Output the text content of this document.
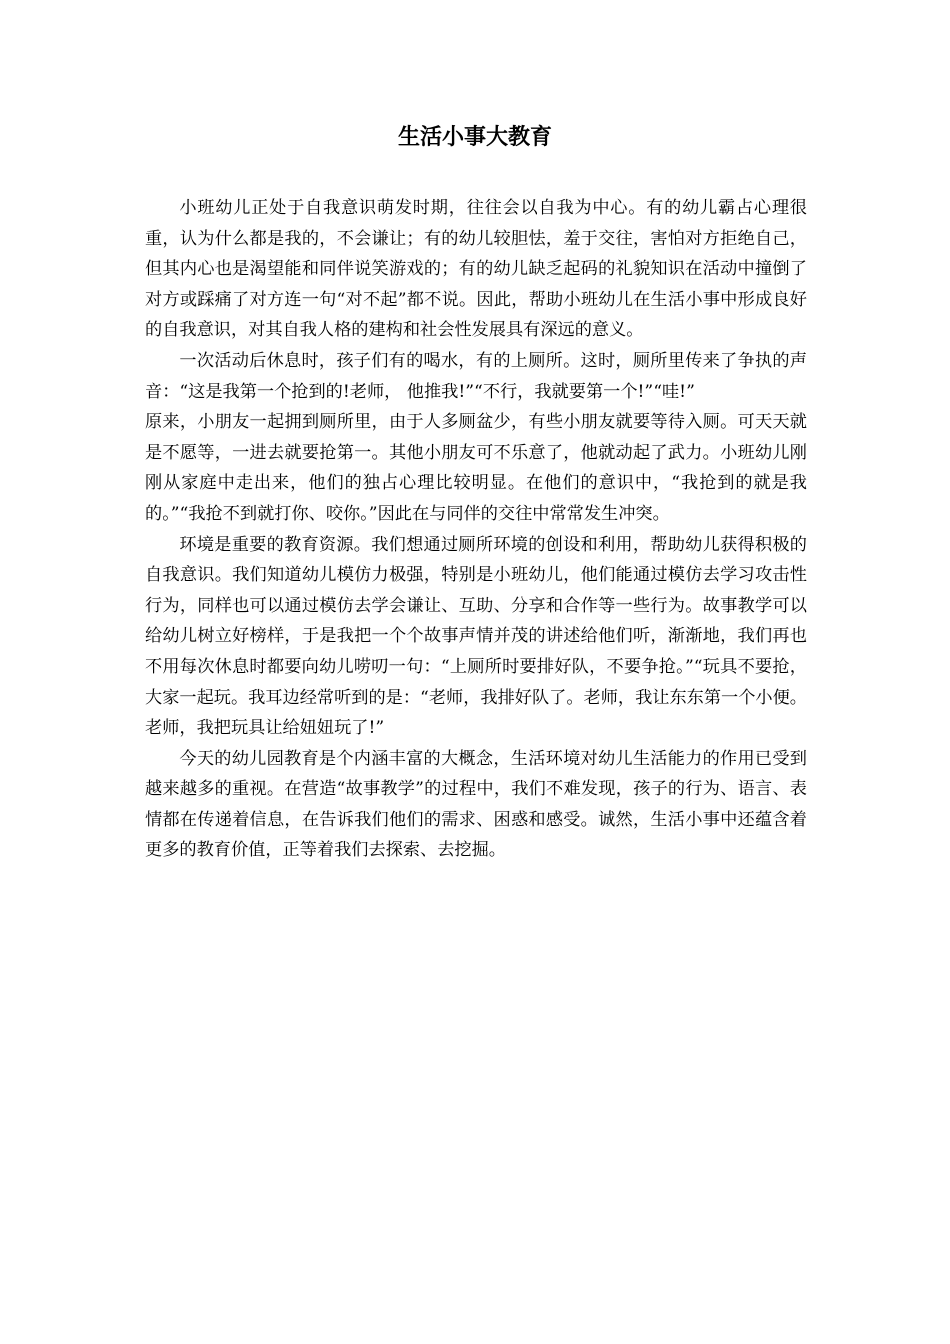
生活小事大教育

小班幼儿正处于自我意识萌发时期，往往会以自我为中心。有的幼儿霸占心理很重，认为什么都是我的，不会谦让；有的幼儿较胆怯，羞于交往，害怕对方拒绝自己，但其内心也是渴望能和同伴说笑游戏的；有的幼儿缺乏起码的礼貌知识在活动中撞倒了对方或踩痛了对方连一句“对不起”都不说。因此，帮助小班幼儿在生活小事中形成良好的自我意识，对其自我人格的建构和社会性发展具有深远的意义。

一次活动后休息时，孩子们有的喝水，有的上厕所。这时，厕所里传来了争执的声音：“这是我第一个抢到的!老师， 他推我!”“不行，我就要第一个!”“哇!”

原来，小朋友一起拥到厕所里，由于人多厕盆少，有些小朋友就要等待入厕。可天天就是不愿等，一进去就要抢第一。其他小朋友可不乐意了，他就动起了武力。小班幼儿刚刚从家庭中走出来，他们的独占心理比较明显。在他们的意识中，“我抢到的就是我的。”“我抢不到就打你、咬你。”因此在与同伴的交往中常常发生冲突。

环境是重要的教育资源。我们想通过厕所环境的创设和利用，帮助幼儿获得积极的自我意识。我们知道幼儿模仿力极强，特别是小班幼儿，他们能通过模仿去学习攻击性行为，同样也可以通过模仿去学会谦让、互助、分享和合作等一些行为。故事教学可以给幼儿树立好榜样，于是我把一个个故事声情并茂的讲述给他们听，渐渐地，我们再也不用每次休息时都要向幼儿唠叨一句：“上厕所时要排好队，不要争抢。”“玩具不要抢，大家一起玩。我耳边经常听到的是：“老师，我排好队了。老师，我让东东第一个小便。老师，我把玩具让给妞妞玩了!”

今天的幼儿园教育是个内涵丰富的大概念，生活环境对幼儿生活能力的作用已受到越来越多的重视。在营造“故事教学”的过程中，我们不难发现，孩子的行为、语言、表情都在传递着信息，在告诉我们他们的需求、困惑和感受。诚然，生活小事中还蕴含着更多的教育价值，正等着我们去探索、去挖掘。
